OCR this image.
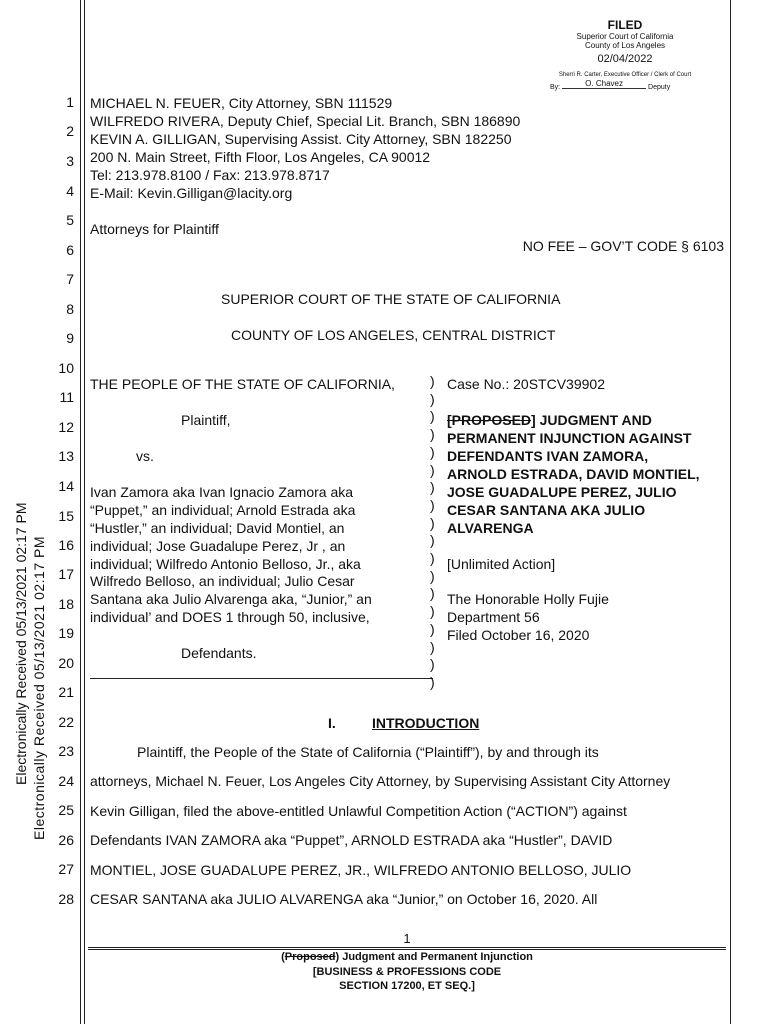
Electronically Received 05/13/2021 02:17 PM Electronically Received 05/13/2021 02:17 PM
FILED
Superior Court of California
County of Los Angeles
02/04/2022
Sherri R. Carter, Executive Officer / Clerk of Court
By:	O. Chavez	Deputy
1
2
3
4
5
6
7
8
9
10
11
12
13
14
15
16
17
18
19
20
21
22
23
24
25
26
27
28
MICHAEL N. FEUER, City Attorney, SBN 111529
WILFREDO RIVERA, Deputy Chief, Special Lit. Branch, SBN 186890
KEVIN A. GILLIGAN, Supervising Assist. City Attorney, SBN 182250
200 N. Main Street, Fifth Floor, Los Angeles, CA 90012
Tel: 213.978.8100 / Fax: 213.978.8717
E-Mail: Kevin.Gilligan@lacity.org
Attorneys for Plaintiff
NO FEE – GOV’T CODE § 6103
SUPERIOR COURT OF THE STATE OF CALIFORNIA
COUNTY OF LOS ANGELES, CENTRAL DISTRICT
THE PEOPLE OF THE STATE OF CALIFORNIA,
Plaintiff,
vs.
Ivan Zamora aka Ivan Ignacio Zamora aka
“Puppet,” an individual; Arnold Estrada aka
“Hustler,” an individual; David Montiel, an
individual; Jose Guadalupe Perez, Jr , an
individual; Wilfredo Antonio Belloso, Jr., aka
Wilfredo Belloso, an individual; Julio Cesar
Santana aka Julio Alvarenga aka, “Junior,” an
individual’ and DOES 1 through 50, inclusive,
Defendants.
)
)
)
)
)
)
)
)
)
)
)
)
)
)
)
)
)
)
Case No.: 20STCV39902
[PROPOSED] JUDGMENT AND
PERMANENT INJUNCTION AGAINST
DEFENDANTS IVAN ZAMORA,
ARNOLD ESTRADA, DAVID MONTIEL,
JOSE GUADALUPE PEREZ, JULIO
CESAR SANTANA AKA JULIO
ALVARENGA
[Unlimited Action]
The Honorable Holly Fujie
Department 56
Filed October 16, 2020
I.	INTRODUCTION
Plaintiff, the People of the State of California (“Plaintiff”), by and through its
attorneys, Michael N. Feuer, Los Angeles City Attorney, by Supervising Assistant City Attorney
Kevin Gilligan, filed the above-entitled Unlawful Competition Action (“ACTION”) against
Defendants IVAN ZAMORA aka “Puppet”, ARNOLD ESTRADA aka “Hustler”, DAVID
MONTIEL, JOSE GUADALUPE PEREZ, JR., WILFREDO ANTONIO BELLOSO, JULIO
CESAR SANTANA aka JULIO ALVARENGA aka “Junior,” on October 16, 2020. All
1
(Proposed) Judgment and Permanent Injunction
[BUSINESS & PROFESSIONS CODE
SECTION 17200, ET SEQ.]
